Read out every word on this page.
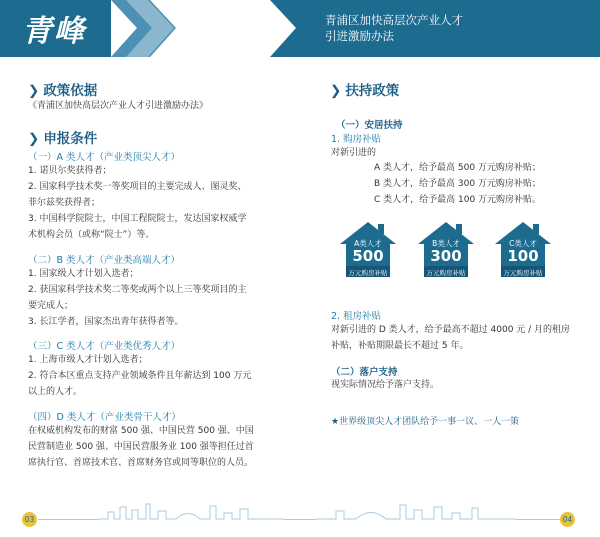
青峰	青浦区加快高层次产业人才
引进激励办法
❯ 政策依据
《青浦区加快高层次产业人才引进激励办法》
❯ 申报条件
（一）A 类人才（产业类顶尖人才）
1. 诺贝尔奖获得者；
2. 国家科学技术奖一等奖项目的主要完成人、图灵奖、
菲尔兹奖获得者；
3. 中国科学院院士，中国工程院院士，发达国家权威学
术机构会员（或称“院士”）等。
（二）B 类人才（产业类高端人才）
1. 国家级人才计划入选者；
2. 获国家科学技术奖二等奖或两个以上三等奖项目的主
要完成人；
3. 长江学者，国家杰出青年获得者等。
（三）C 类人才（产业类优秀人才）
1. 上海市级人才计划入选者；
2. 符合本区重点支持产业领域条件且年薪达到 100 万元
以上的人才。
（四）D 类人才（产业类骨干人才）
在权威机构发布的财富 500 强、中国民营 500 强、中国
民营制造业 500 强、中国民营服务业 100 强等担任过首
席执行官、首席技术官、首席财务官或同等职位的人员。
❯ 扶持政策
（一）安居扶持
1. 购房补贴
对新引进的
A 类人才，给予最高 500 万元购房补贴；
B 类人才，给予最高 300 万元购房补贴；
C 类人才，给予最高 100 万元购房补贴。
A类人才
500
万元购房补贴
B类人才
300
万元购房补贴
C类人才
100
万元购房补贴
2. 租房补贴
对新引进的 D 类人才，给予最高不超过 4000 元 / 月的租房
补贴，补贴期限最长不超过 5 年。
（二）落户支持
视实际情况给予落户支持。
★世界级顶尖人才团队给予一事一议、一人一策
03	04
